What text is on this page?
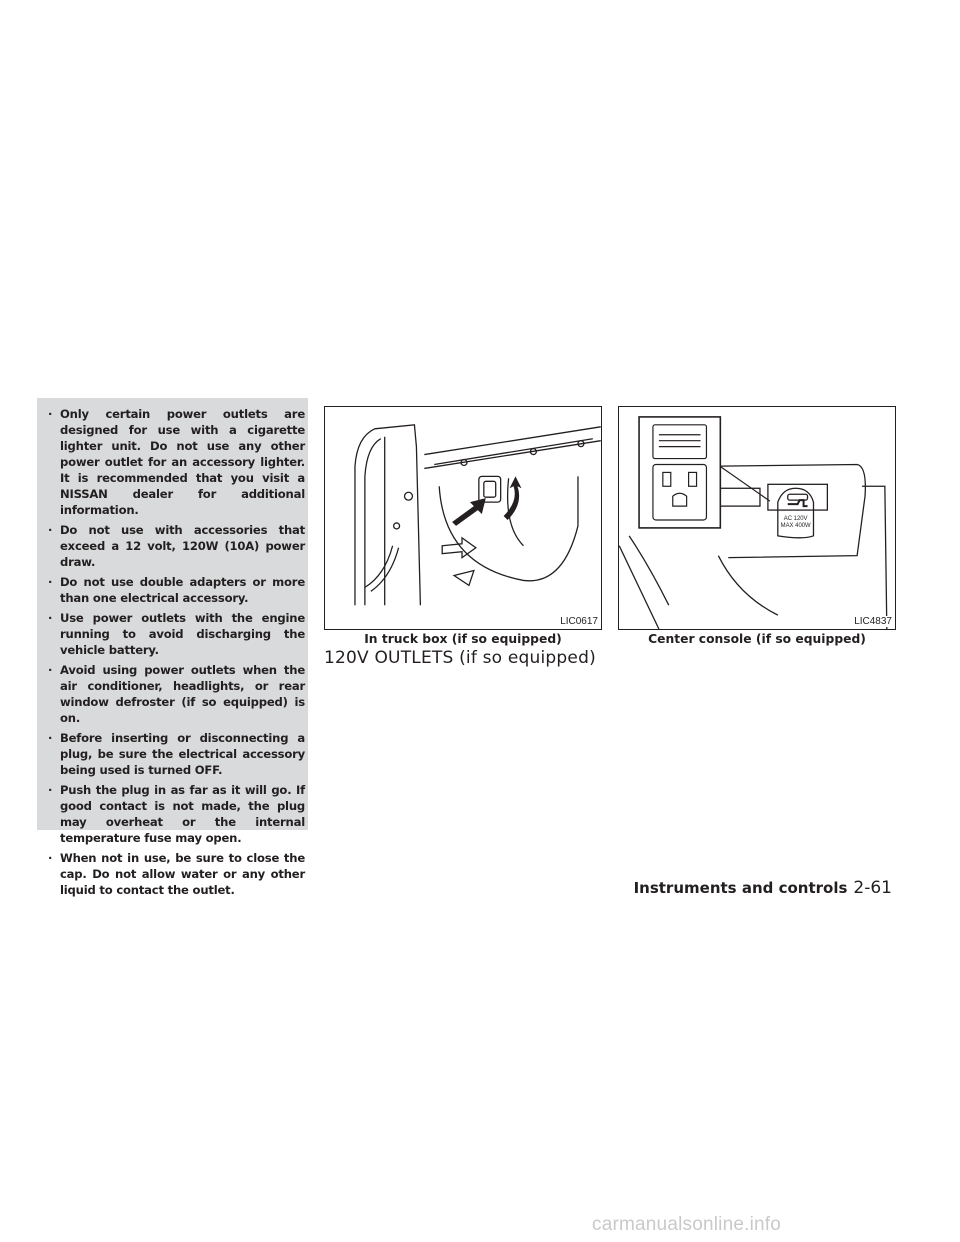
· Only certain power outlets are designed for use with a cigarette lighter unit. Do not use any other power outlet for an accessory lighter. It is recommended that you visit a NISSAN dealer for additional information.
· Do not use with accessories that exceed a 12 volt, 120W (10A) power draw.
· Do not use double adapters or more than one electrical accessory.
· Use power outlets with the engine running to avoid discharging the vehicle battery.
· Avoid using power outlets when the air conditioner, headlights, or rear window defroster (if so equipped) is on.
· Before inserting or disconnecting a plug, be sure the electrical accessory being used is turned OFF.
· Push the plug in as far as it will go. If good contact is not made, the plug may overheat or the internal temperature fuse may open.
· When not in use, be sure to close the cap. Do not allow water or any other liquid to contact the outlet.
LIC0617
In truck box (if so equipped)
AC 120V
MAX 400W
LIC4837
Center console (if so equipped)
120V OUTLETS (if so equipped)
Instruments and controls 2-61
carmanualsonline.info
